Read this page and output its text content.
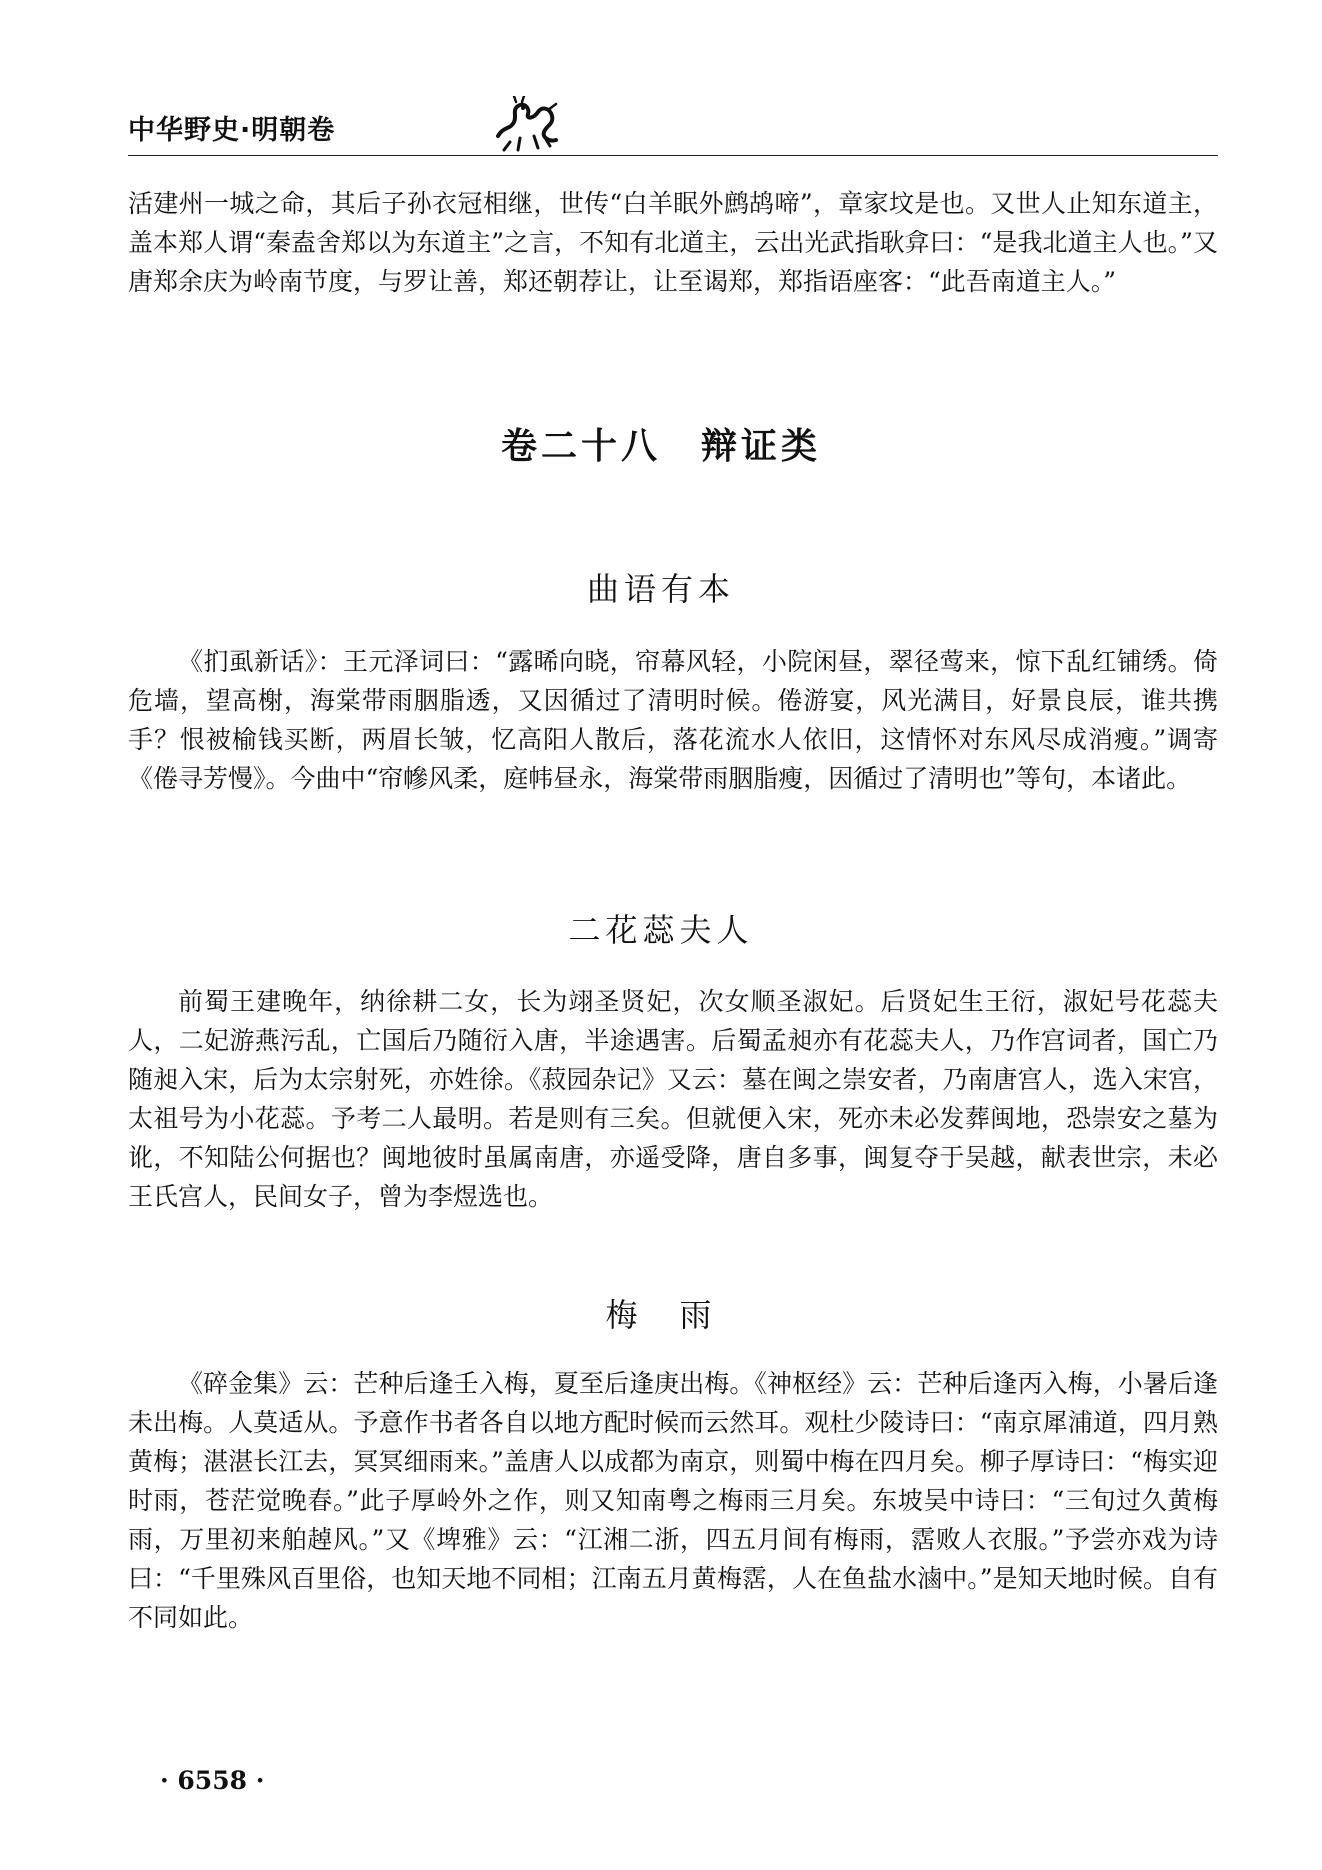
中华野史·明朝卷

活建州一城之命，其后子孙衣冠相继，世传“白羊眠外鹧鸪啼”，章家坟是也。又世人止知东道主，盖本郑人谓“秦盍舍郑以为东道主”之言，不知有北道主，云出光武指耿弇曰：“是我北道主人也。”又唐郑余庆为岭南节度，与罗让善，郑还朝荐让，让至谒郑，郑指语座客：“此吾南道主人。”

卷二十八　辩证类
曲语有本

《扪虱新话》：王元泽词曰：“露晞向晓，帘幕风轻，小院闲昼，翠径莺来，惊下乱红铺绣。倚危墙，望高榭，海棠带雨胭脂透，又因循过了清明时候。倦游宴，风光满目，好景良辰，谁共携手？恨被榆钱买断，两眉长皱，忆高阳人散后，落花流水人依旧，这情怀对东风尽成消瘦。”调寄《倦寻芳慢》。今曲中“帘幓风柔，庭帏昼永，海棠带雨胭脂瘦，因循过了清明也”等句，本诸此。

二花蕊夫人

前蜀王建晚年，纳徐耕二女，长为翊圣贤妃，次女顺圣淑妃。后贤妃生王衍，淑妃号花蕊夫人，二妃游燕污乱，亡国后乃随衍入唐，半途遇害。后蜀孟昶亦有花蕊夫人，乃作宫词者，国亡乃随昶入宋，后为太宗射死，亦姓徐。《菽园杂记》又云：墓在闽之崇安者，乃南唐宫人，选入宋宫，太祖号为小花蕊。予考二人最明。若是则有三矣。但就便入宋，死亦未必发葬闽地，恐崇安之墓为讹，不知陆公何据也？闽地彼时虽属南唐，亦遥受降，唐自多事，闽复夺于吴越，献表世宗，未必王氏宫人，民间女子，曾为李煜选也。

梅　雨

《碎金集》云：芒种后逢壬入梅，夏至后逢庚出梅。《神枢经》云：芒种后逢丙入梅，小暑后逢未出梅。人莫适从。予意作书者各自以地方配时候而云然耳。观杜少陵诗曰：“南京犀浦道，四月熟黄梅；湛湛长江去，冥冥细雨来。”盖唐人以成都为南京，则蜀中梅在四月矣。柳子厚诗曰：“梅实迎时雨，苍茫觉晚春。”此子厚岭外之作，则又知南粤之梅雨三月矣。东坡吴中诗曰：“三旬过久黄梅雨，万里初来舶趠风。”又《埤雅》云：“江湘二浙，四五月间有梅雨，霑败人衣服。”予尝亦戏为诗曰：“千里殊风百里俗，也知天地不同相；江南五月黄梅霑，人在鱼盐水滷中。”是知天地时候。自有不同如此。

· 6558 ·
